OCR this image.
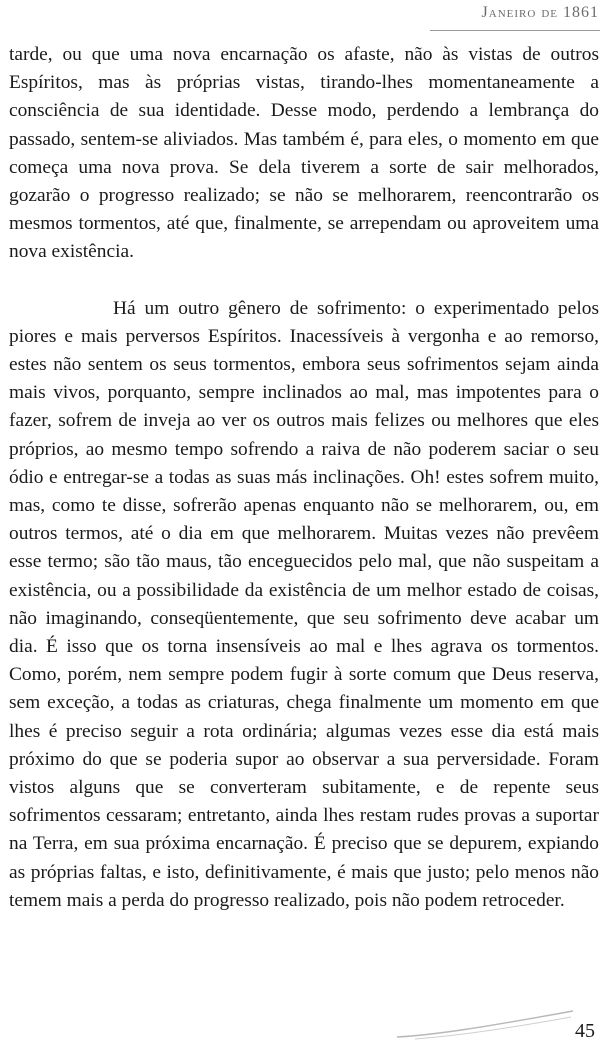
Janeiro de 1861

tarde, ou que uma nova encarnação os afaste, não às vistas de outros Espíritos, mas às próprias vistas, tirando-lhes momentaneamente a consciência de sua identidade. Desse modo, perdendo a lembrança do passado, sentem-se aliviados. Mas também é, para eles, o momento em que começa uma nova prova. Se dela tiverem a sorte de sair melhorados, gozarão o progresso realizado; se não se melhorarem, reencontrarão os mesmos tormentos, até que, finalmente, se arrependam ou aproveitem uma nova existência.

Há um outro gênero de sofrimento: o experimentado pelos piores e mais perversos Espíritos. Inacessíveis à vergonha e ao remorso, estes não sentem os seus tormentos, embora seus sofrimentos sejam ainda mais vivos, porquanto, sempre inclinados ao mal, mas impotentes para o fazer, sofrem de inveja ao ver os outros mais felizes ou melhores que eles próprios, ao mesmo tempo sofrendo a raiva de não poderem saciar o seu ódio e entregar-se a todas as suas más inclinações. Oh! estes sofrem muito, mas, como te disse, sofrerão apenas enquanto não se melhorarem, ou, em outros termos, até o dia em que melhorarem. Muitas vezes não prevêem esse termo; são tão maus, tão enceguecidos pelo mal, que não suspeitam a existência, ou a possibilidade da existência de um melhor estado de coisas, não imaginando, conseqüentemente, que seu sofrimento deve acabar um dia. É isso que os torna insensíveis ao mal e lhes agrava os tormentos. Como, porém, nem sempre podem fugir à sorte comum que Deus reserva, sem exceção, a todas as criaturas, chega finalmente um momento em que lhes é preciso seguir a rota ordinária; algumas vezes esse dia está mais próximo do que se poderia supor ao observar a sua perversidade. Foram vistos alguns que se converteram subitamente, e de repente seus sofrimentos cessaram; entretanto, ainda lhes restam rudes provas a suportar na Terra, em sua próxima encarnação. É preciso que se depurem, expiando as próprias faltas, e isto, definitivamente, é mais que justo; pelo menos não temem mais a perda do progresso realizado, pois não podem retroceder.

45
